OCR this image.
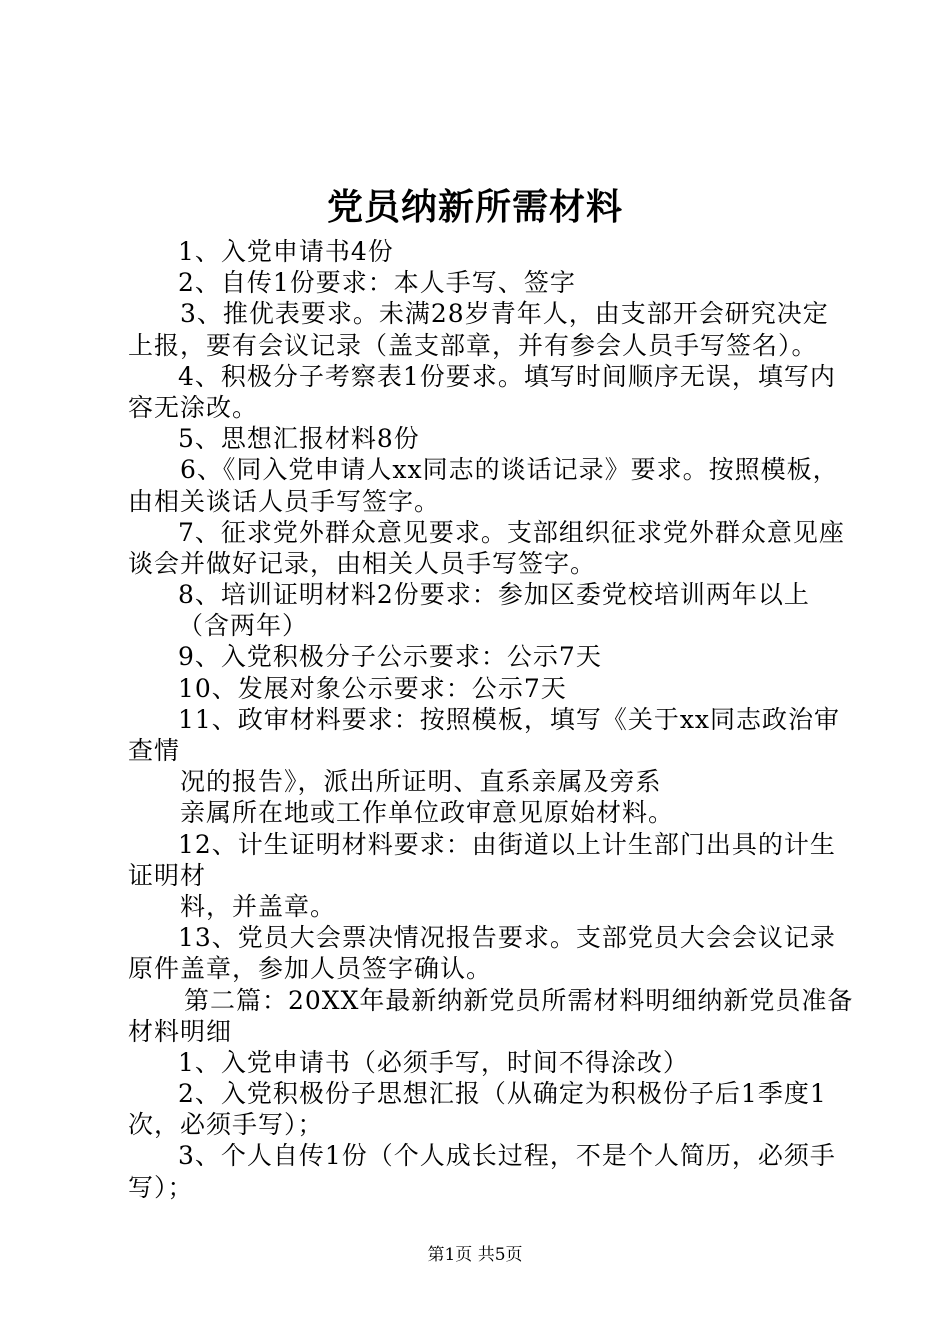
党员纳新所需材料
1、入党申请书4份
2、自传1份要求：本人手写、签字
3、推优表要求。未满28岁青年人，由支部开会研究决定
上报，要有会议记录（盖支部章，并有参会人员手写签名）。
4、积极分子考察表1份要求。填写时间顺序无误，填写内
容无涂改。
5、思想汇报材料8份
6、《同入党申请人xx同志的谈话记录》要求。按照模板，
由相关谈话人员手写签字。
7、征求党外群众意见要求。支部组织征求党外群众意见座
谈会并做好记录，由相关人员手写签字。
8、培训证明材料2份要求：参加区委党校培训两年以上
（含两年）
9、入党积极分子公示要求：公示7天
10、发展对象公示要求：公示7天
11、政审材料要求：按照模板，填写《关于xx同志政治审
查情
况的报告》，派出所证明、直系亲属及旁系
亲属所在地或工作单位政审意见原始材料。
12、计生证明材料要求：由街道以上计生部门出具的计生
证明材
料，并盖章。
13、党员大会票决情况报告要求。支部党员大会会议记录
原件盖章，参加人员签字确认。
第二篇：20XX年最新纳新党员所需材料明细纳新党员准备
材料明细
1、入党申请书（必须手写，时间不得涂改）
2、入党积极份子思想汇报（从确定为积极份子后1季度1
次，必须手写）；
3、个人自传1份（个人成长过程，不是个人简历，必须手
写）；
第1页 共5页
